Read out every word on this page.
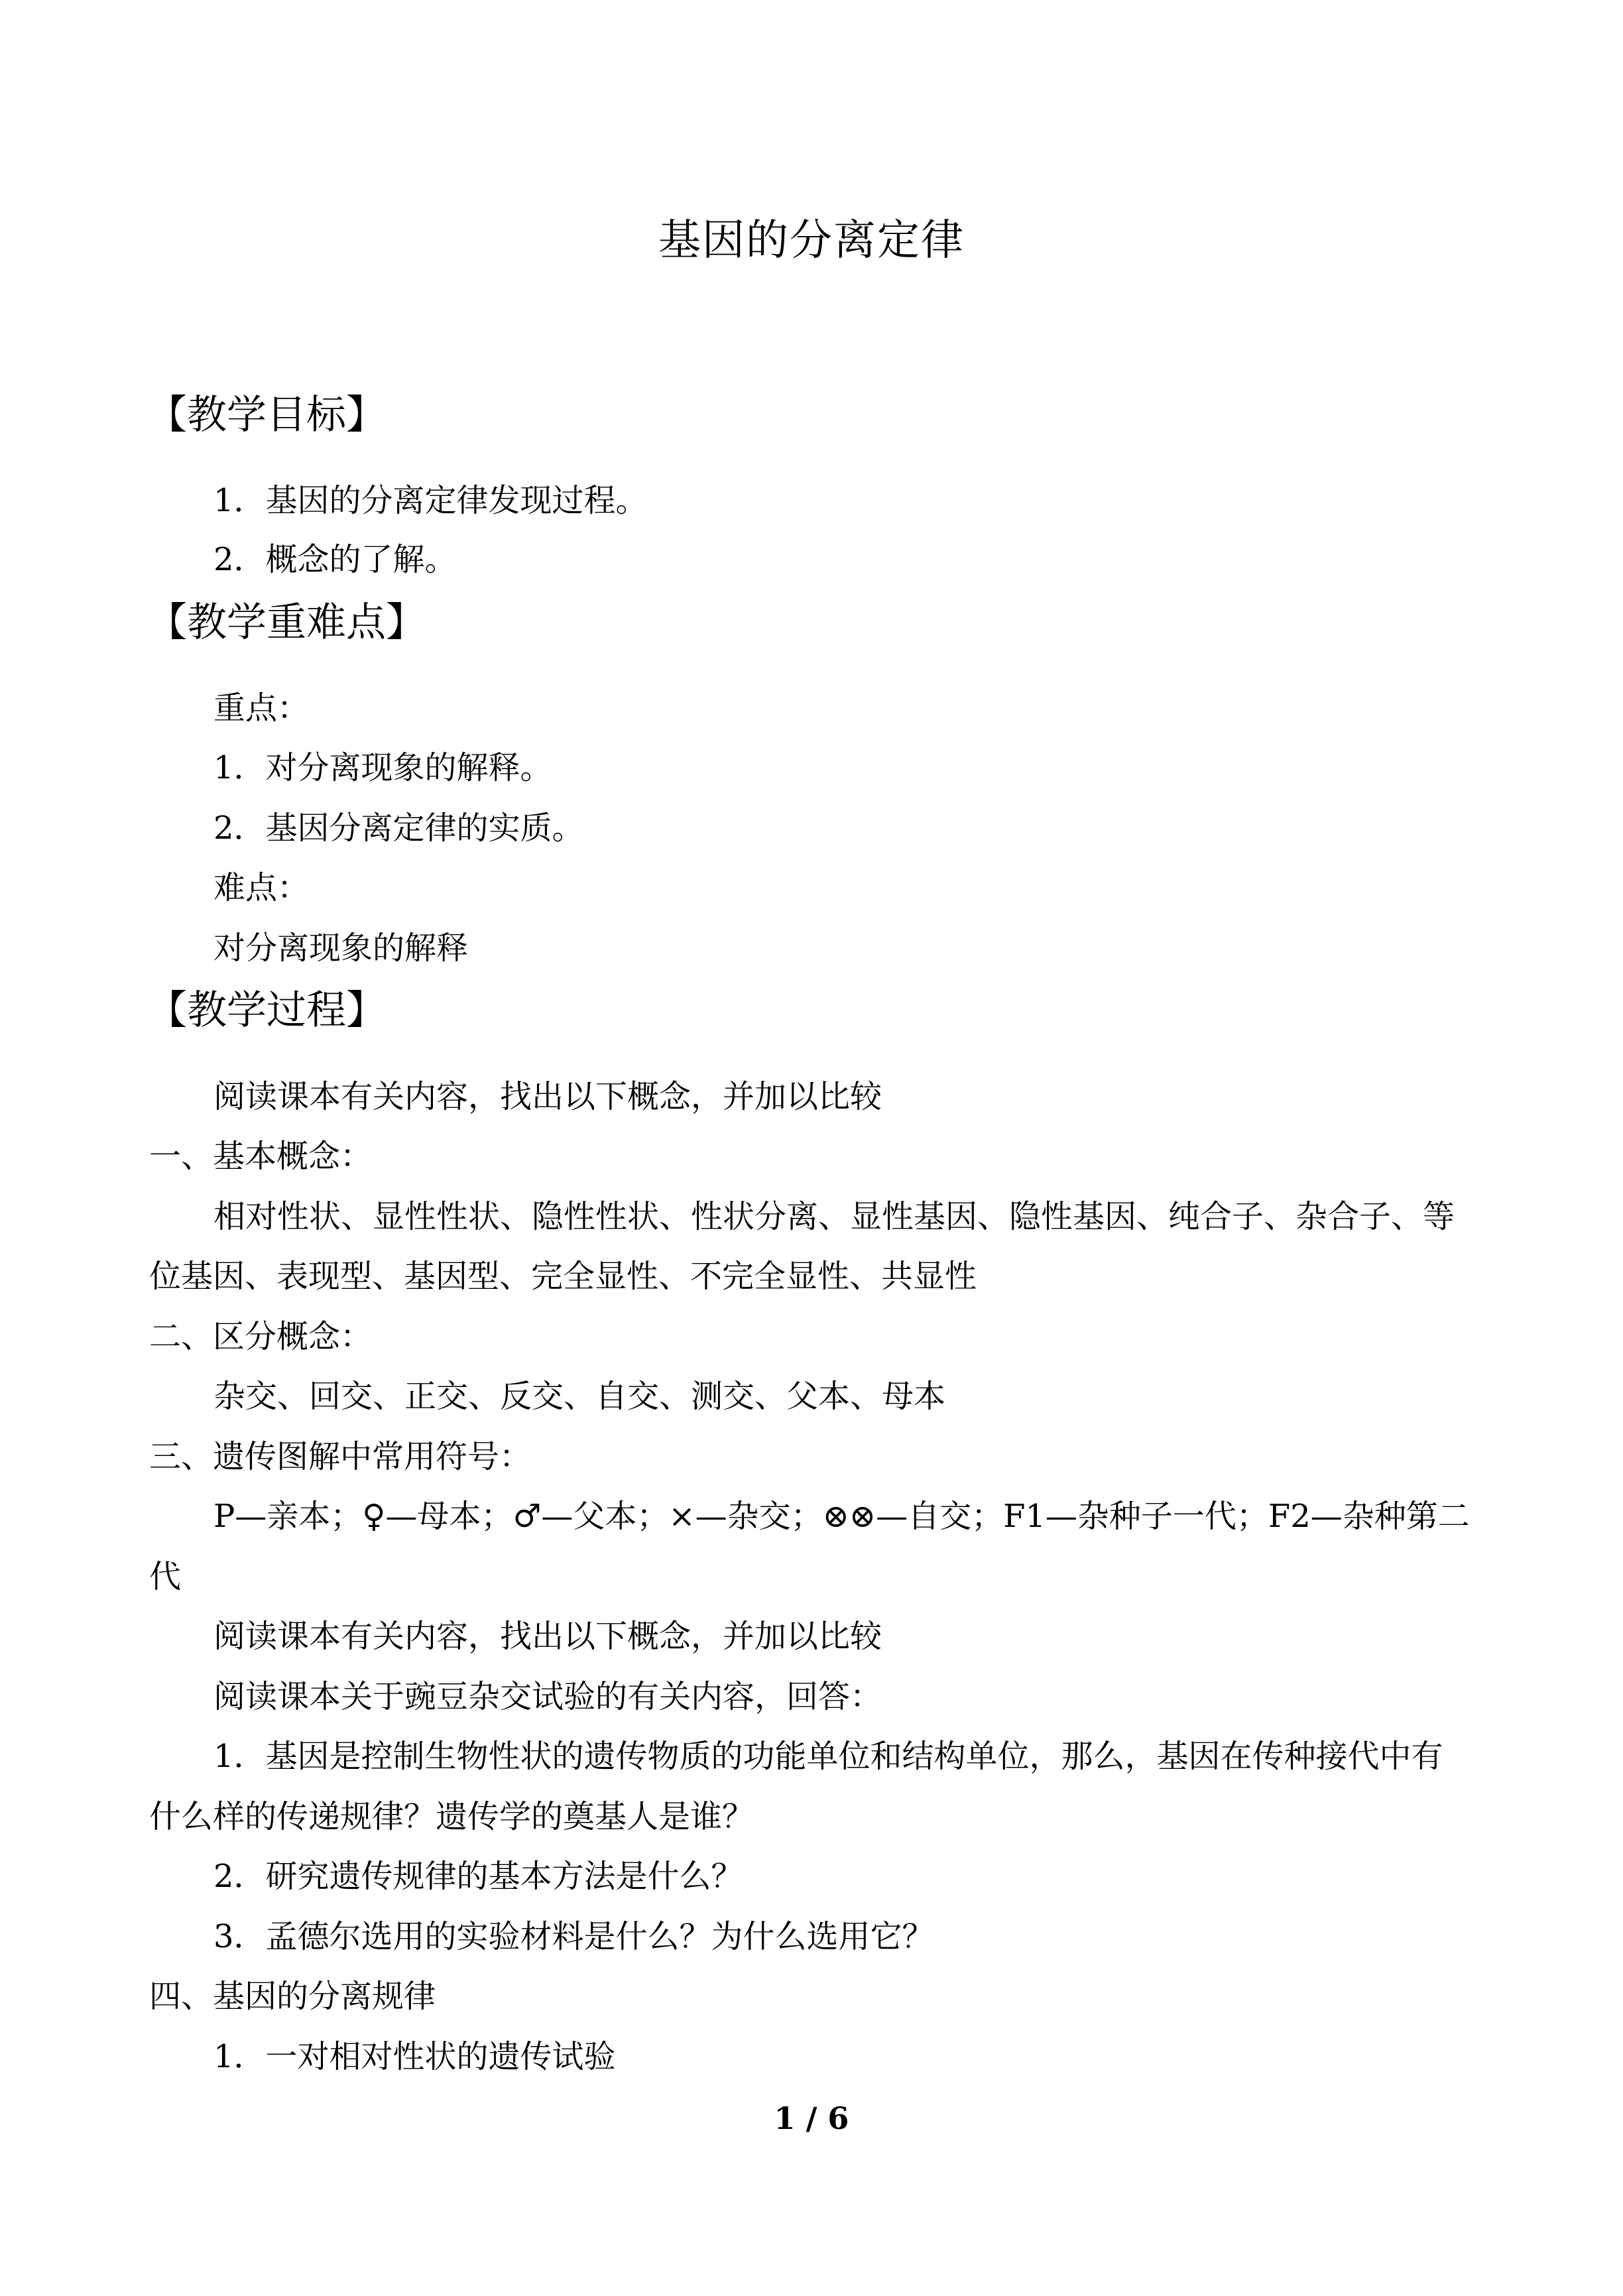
基因的分离定律
【教学目标】
1．基因的分离定律发现过程。
2．概念的了解。
【教学重难点】
重点：
1．对分离现象的解释。
2．基因分离定律的实质。
难点：
对分离现象的解释
【教学过程】
阅读课本有关内容，找出以下概念，并加以比较
一、基本概念：
相对性状、显性性状、隐性性状、性状分离、显性基因、隐性基因、纯合子、杂合子、等
位基因、表现型、基因型、完全显性、不完全显性、共显性
二、区分概念：
杂交、回交、正交、反交、自交、测交、父本、母本
三、遗传图解中常用符号：
P—亲本；♀—母本；♂—父本；×—杂交；⊗⊗—自交；F1—杂种子一代；F2—杂种第二
代
阅读课本有关内容，找出以下概念，并加以比较
阅读课本关于豌豆杂交试验的有关内容，回答：
1．基因是控制生物性状的遗传物质的功能单位和结构单位，那么，基因在传种接代中有
什么样的传递规律？遗传学的奠基人是谁？
2．研究遗传规律的基本方法是什么？
3．孟德尔选用的实验材料是什么？为什么选用它？
四、基因的分离规律
1．一对相对性状的遗传试验
1 / 6
